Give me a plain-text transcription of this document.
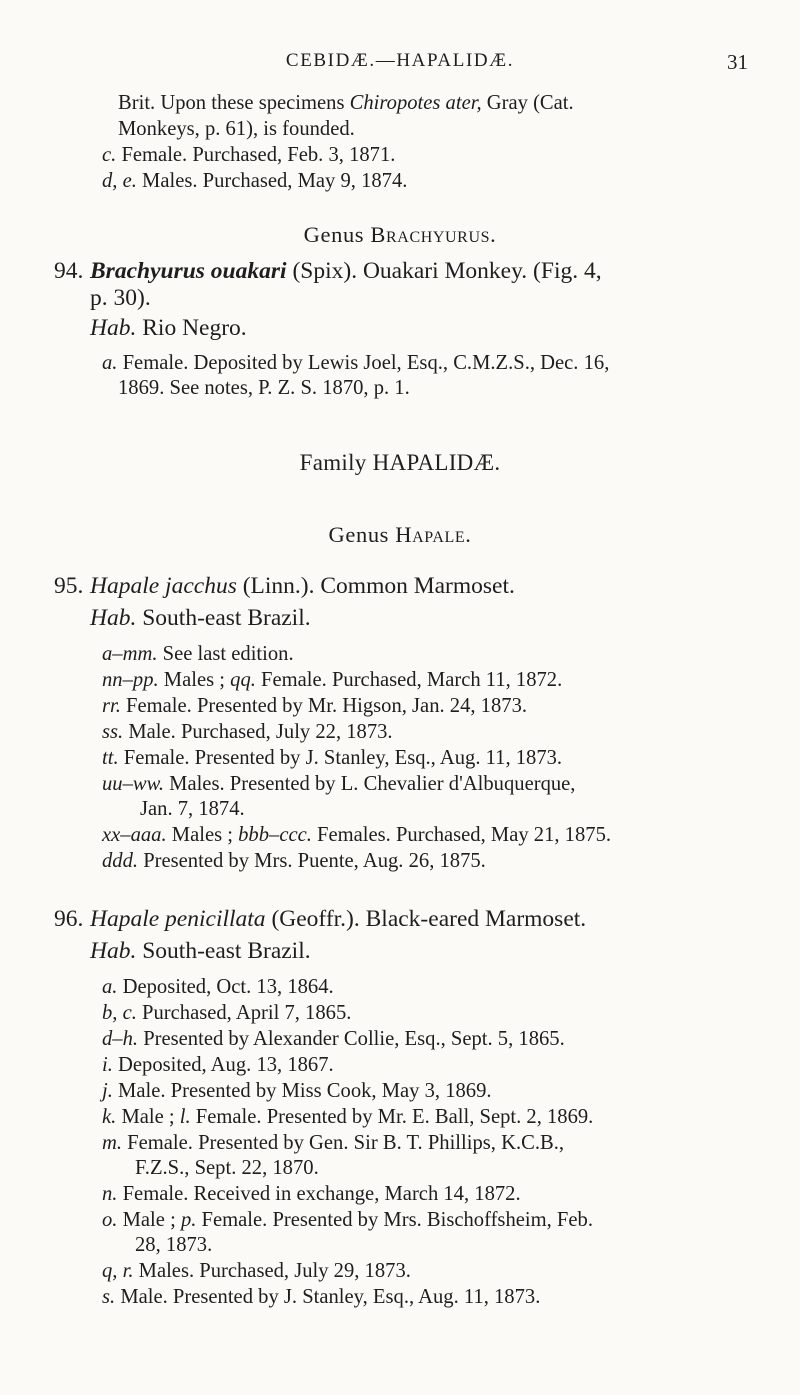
CEBIDÆ.—HAPALIDÆ.	31
Brit. Upon these specimens Chiropotes ater, Gray (Cat.
Monkeys, p. 61), is founded.
c. Female. Purchased, Feb. 3, 1871.
d, e. Males. Purchased, May 9, 1874.
Genus Brachyurus.
94. Brachyurus ouakari (Spix). Ouakari Monkey. (Fig. 4,
p. 30).
Hab. Rio Negro.
a. Female. Deposited by Lewis Joel, Esq., C.M.Z.S., Dec. 16,
1869. See notes, P. Z. S. 1870, p. 1.
Family HAPALIDÆ.
Genus Hapale.
95. Hapale jacchus (Linn.). Common Marmoset.
Hab. South-east Brazil.
a–mm. See last edition.
nn–pp. Males ; qq. Female. Purchased, March 11, 1872.
rr. Female. Presented by Mr. Higson, Jan. 24, 1873.
ss. Male. Purchased, July 22, 1873.
tt. Female. Presented by J. Stanley, Esq., Aug. 11, 1873.
uu–ww. Males. Presented by L. Chevalier d'Albuquerque,
Jan. 7, 1874.
xx–aaa. Males ; bbb–ccc. Females. Purchased, May 21, 1875.
ddd. Presented by Mrs. Puente, Aug. 26, 1875.
96. Hapale penicillata (Geoffr.). Black-eared Marmoset.
Hab. South-east Brazil.
a. Deposited, Oct. 13, 1864.
b, c. Purchased, April 7, 1865.
d–h. Presented by Alexander Collie, Esq., Sept. 5, 1865.
i. Deposited, Aug. 13, 1867.
j. Male. Presented by Miss Cook, May 3, 1869.
k. Male ; l. Female. Presented by Mr. E. Ball, Sept. 2, 1869.
m. Female. Presented by Gen. Sir B. T. Phillips, K.C.B.,
F.Z.S., Sept. 22, 1870.
n. Female. Received in exchange, March 14, 1872.
o. Male ; p. Female. Presented by Mrs. Bischoffsheim, Feb.
28, 1873.
q, r. Males. Purchased, July 29, 1873.
s. Male. Presented by J. Stanley, Esq., Aug. 11, 1873.
